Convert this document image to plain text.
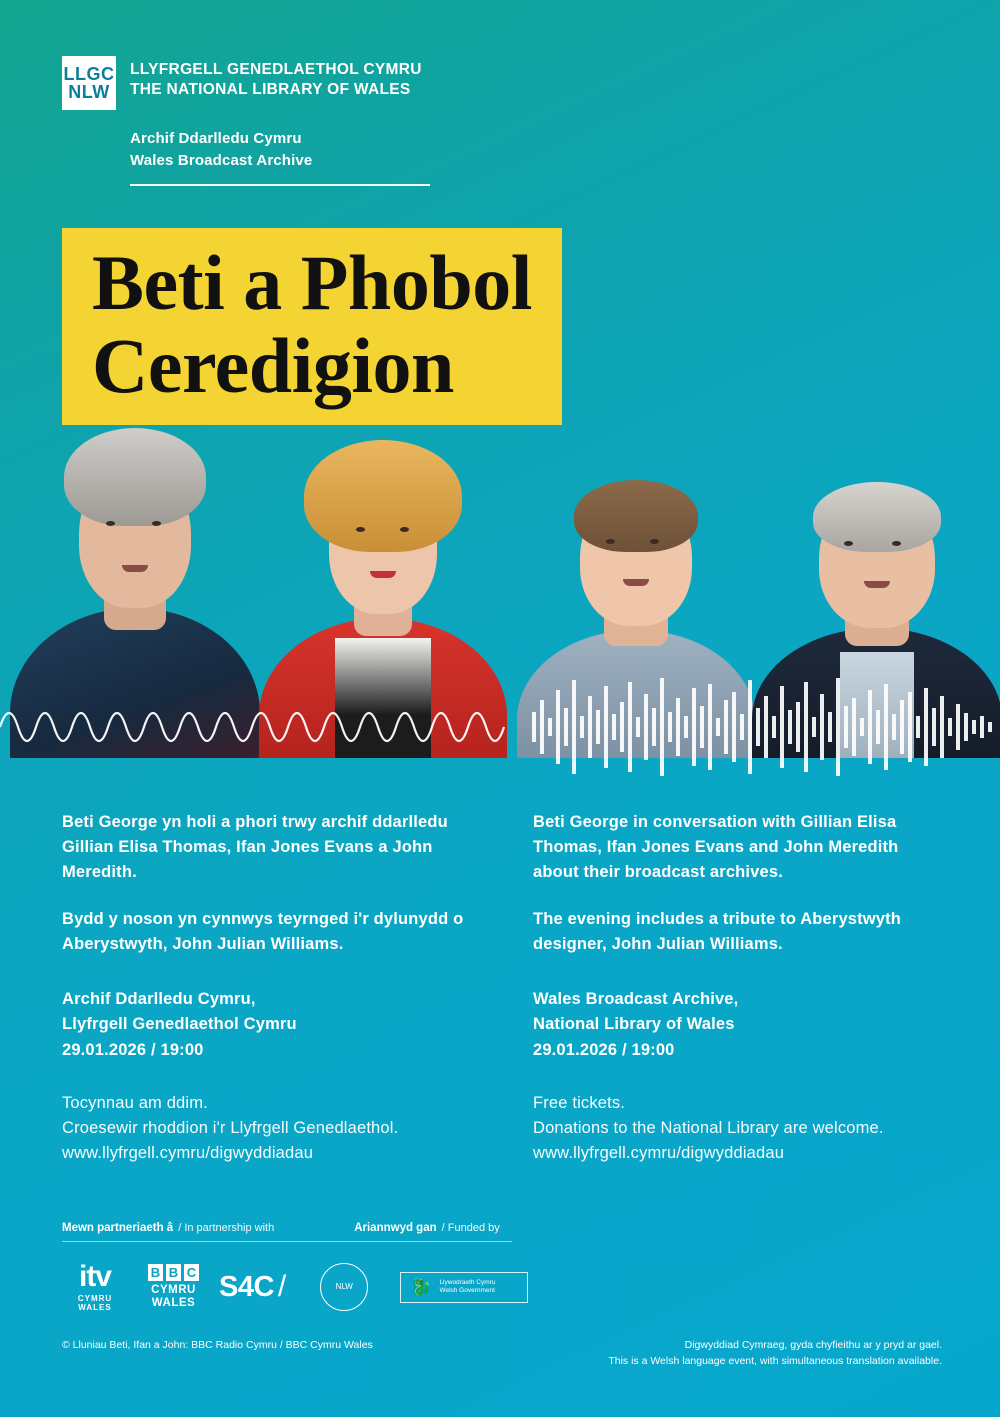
LLGC
NLW
LLYFRGELL GENEDLAETHOL CYMRU
THE NATIONAL LIBRARY OF WALES
Archif Ddarlledu Cymru
Wales Broadcast Archive
Beti a Phobol
Ceredigion

Beti George yn holi a phori trwy archif ddarlledu Gillian Elisa Thomas, Ifan Jones Evans a John Meredith.

Bydd y noson yn cynnwys teyrnged i'r dylunydd o Aberystwyth, John Julian Williams.

Archif Ddarlledu Cymru,

Llyfrgell Genedlaethol Cymru

29.01.2026 / 19:00

Tocynnau am ddim.

Croesewir rhoddion i'r Llyfrgell Genedlaethol.

www.llyfrgell.cymru/digwyddiadau

Beti George in conversation with Gillian Elisa Thomas, Ifan Jones Evans and John Meredith about their broadcast archives.

The evening includes a tribute to Aberystwyth designer, John Julian Williams.

Wales Broadcast Archive,

National Library of Wales

29.01.2026 / 19:00

Free tickets.

Donations to the National Library are welcome.

www.llyfrgell.cymru/digwyddiadau

Mewn partneriaeth â / In partnership with	Ariannwyd gan / Funded by
itv
CYMRU WALES
B B C
CYMRU
WALES
S4C /	NLW	🐉 Llywodraeth Cymru
Welsh Government
© Lluniau Beti, Ifan a John: BBC Radio Cymru / BBC Cymru Wales	Digwyddiad Cymraeg, gyda chyfieithu ar y pryd ar gael.
This is a Welsh language event, with simultaneous translation available.
